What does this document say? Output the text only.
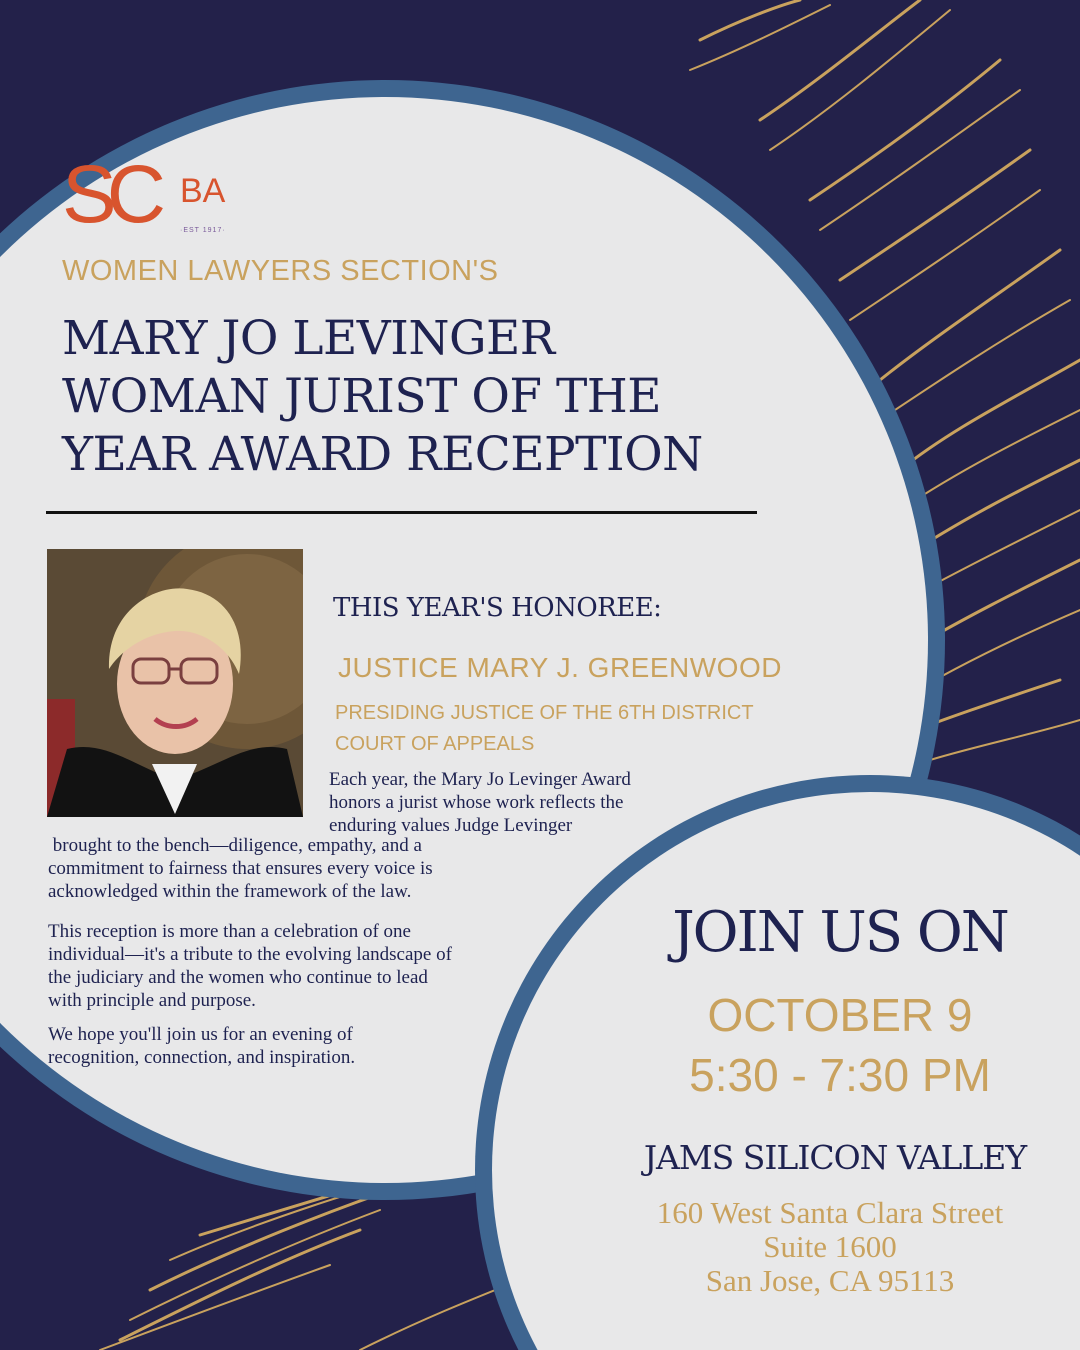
SC BA
·EST 1917·
WOMEN LAWYERS SECTION'S
MARY JO LEVINGER
WOMAN JURIST OF THE
YEAR AWARD RECEPTION
THIS YEAR'S HONOREE:
JUSTICE MARY J. GREENWOOD
PRESIDING JUSTICE OF THE 6TH DISTRICT
COURT OF APPEALS
Each year, the Mary Jo Levinger Award
honors a jurist whose work reflects the
enduring values Judge Levinger
brought to the bench—diligence, empathy, and a
commitment to fairness that ensures every voice is
acknowledged within the framework of the law.
This reception is more than a celebration of one
individual—it's a tribute to the evolving landscape of
the judiciary and the women who continue to lead
with principle and purpose.
We hope you'll join us for an evening of
recognition, connection, and inspiration.
JOIN US ON
OCTOBER 9
5:30 - 7:30 PM
JAMS SILICON VALLEY
160 West Santa Clara Street
Suite 1600
San Jose, CA 95113
